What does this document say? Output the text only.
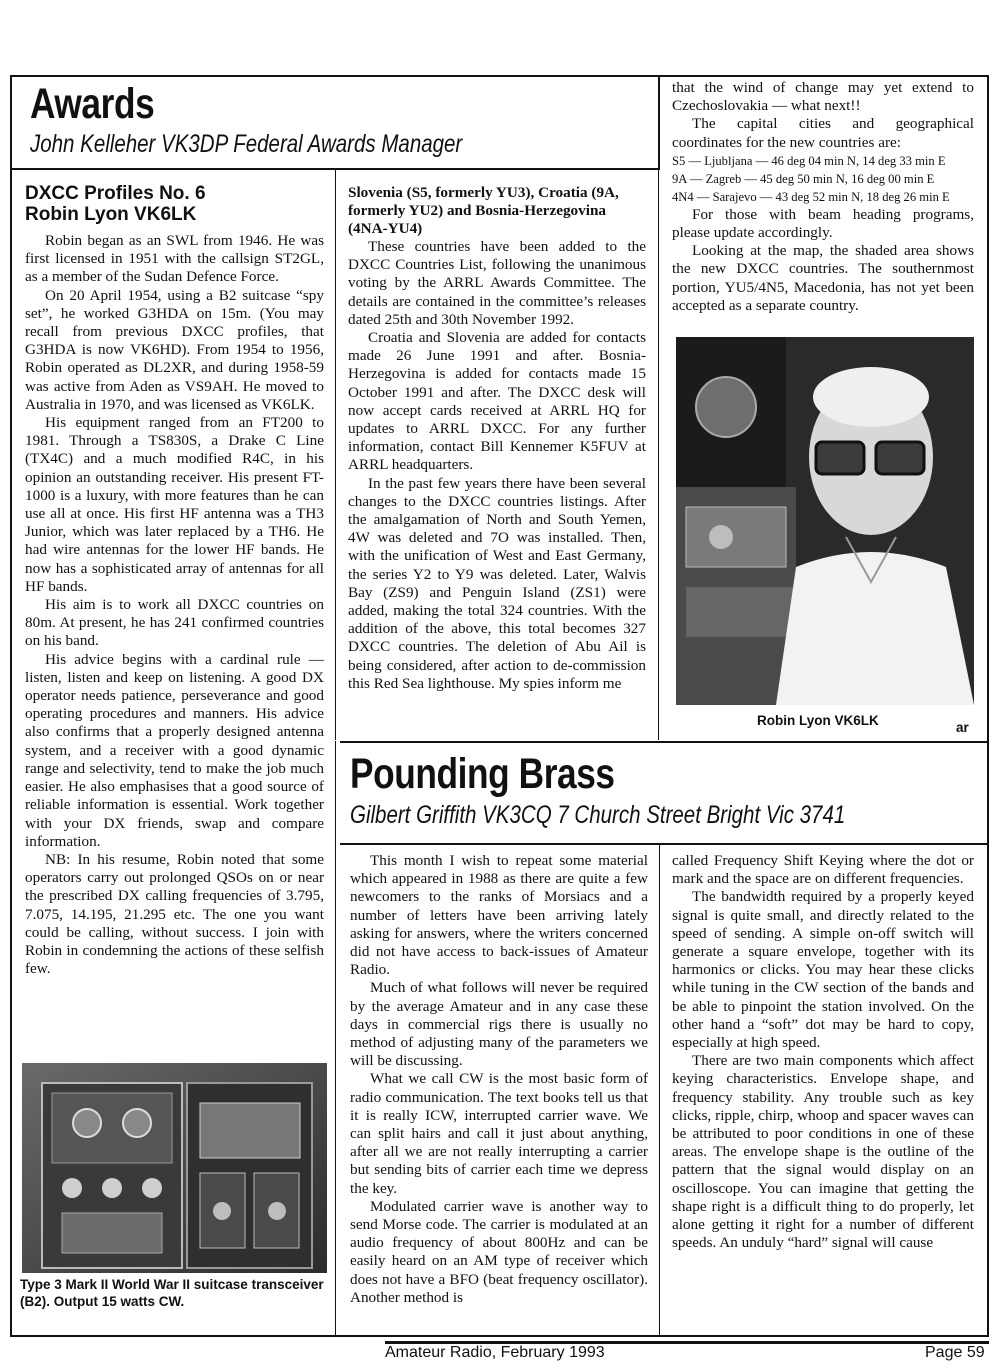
Awards
John Kelleher VK3DP Federal Awards Manager
DXCC Profiles No. 6
Robin Lyon VK6LK

Robin began as an SWL from 1946. He was first licensed in 1951 with the callsign ST2GL, as a member of the Sudan Defence Force.

On 20 April 1954, using a B2 suitcase “spy set”, he worked G3HDA on 15m. (You may recall from previous DXCC profiles, that G3HDA is now VK6HD). From 1954 to 1956, Robin operated as DL2XR, and during 1958-59 was active from Aden as VS9AH. He moved to Australia in 1970, and was licensed as VK6LK.

His equipment ranged from an FT200 to 1981. Through a TS830S, a Drake C Line (TX4C) and a much modified R4C, in his opinion an outstanding receiver. His present FT-1000 is a luxury, with more features than he can use all at once. His first HF antenna was a TH3 Junior, which was later replaced by a TH6. He had wire antennas for the lower HF bands. He now has a sophisticated array of antennas for all HF bands.

His aim is to work all DXCC countries on 80m. At present, he has 241 confirmed countries on his band.

His advice begins with a cardinal rule — listen, listen and keep on listening. A good DX operator needs patience, perseverance and good operating procedures and manners. His advice also confirms that a properly designed antenna system, and a receiver with a good dynamic range and selectivity, tend to make the job much easier. He also emphasises that a good source of reliable information is essential. Work together with your DX friends, swap and compare information.

NB: In his resume, Robin noted that some operators carry out prolonged QSOs on or near the prescribed DX calling frequencies of 3.795, 7.075, 14.195, 21.295 etc. The one you want could be calling, without success. I join with Robin in condemning the actions of these selfish few.

Type 3 Mark II World War II suitcase transceiver (B2). Output 15 watts CW.
Slovenia (S5, formerly YU3), Croatia (9A, formerly YU2) and Bosnia-Herzegovina (4NA-YU4)

These countries have been added to the DXCC Countries List, following the unanimous voting by the ARRL Awards Committee. The details are contained in the committee’s releases dated 25th and 30th November 1992.

Croatia and Slovenia are added for contacts made 26 June 1991 and after. Bosnia-Herzegovina is added for contacts made 15 October 1991 and after. The DXCC desk will now accept cards received at ARRL HQ for updates to ARRL DXCC. For any further information, contact Bill Kennemer K5FUV at ARRL headquarters.

In the past few years there have been several changes to the DXCC countries listings. After the amalgamation of North and South Yemen, 4W was deleted and 7O was installed. Then, with the unification of West and East Germany, the series Y2 to Y9 was deleted. Later, Walvis Bay (ZS9) and Penguin Island (ZS1) were added, making the total 324 countries. With the addition of the above, this total becomes 327 DXCC countries. The deletion of Abu Ail is being considered, after action to de-commission this Red Sea lighthouse. My spies inform me

that the wind of change may yet extend to Czechoslovakia — what next!!

The capital cities and geographical coordinates for the new countries are:

S5 — Ljubljana — 46 deg 04 min N, 14 deg 33 min E
9A — Zagreb — 45 deg 50 min N, 16 deg 00 min E
4N4 — Sarajevo — 43 deg 52 min N, 18 deg 26 min E

For those with beam heading programs, please update accordingly.

Looking at the map, the shaded area shows the new DXCC countries. The southernmost portion, YU5/4N5, Macedonia, has not yet been accepted as a separate country.

Robin Lyon VK6LK	ar
Pounding Brass
Gilbert Griffith VK3CQ 7 Church Street Bright Vic 3741

This month I wish to repeat some material which appeared in 1988 as there are quite a few newcomers to the ranks of Morsiacs and a number of letters have been arriving lately asking for answers, where the writers concerned did not have access to back-issues of Amateur Radio.

Much of what follows will never be required by the average Amateur and in any case these days in commercial rigs there is usually no method of adjusting many of the parameters we will be discussing.

What we call CW is the most basic form of radio communication. The text books tell us that it is really ICW, interrupted carrier wave. We can split hairs and call it just about anything, after all we are not really interrupting a carrier but sending bits of carrier each time we depress the key.

Modulated carrier wave is another way to send Morse code. The carrier is modulated at an audio frequency of about 800Hz and can be easily heard on an AM type of receiver which does not have a BFO (beat frequency oscillator). Another method is

called Frequency Shift Keying where the dot or mark and the space are on different frequencies.

The bandwidth required by a properly keyed signal is quite small, and directly related to the speed of sending. A simple on-off switch will generate a square envelope, together with its harmonics or clicks. You may hear these clicks while tuning in the CW section of the bands and be able to pinpoint the station involved. On the other hand a “soft” dot may be hard to copy, especially at high speed.

There are two main components which affect keying characteristics. Envelope shape, and frequency stability. Any trouble such as key clicks, ripple, chirp, whoop and spacer waves can be attributed to poor conditions in one of these areas. The envelope shape is the outline of the pattern that the signal would display on an oscilloscope. You can imagine that getting the shape right is a difficult thing to do properly, let alone getting it right for a number of different speeds. An unduly “hard” signal will cause

Amateur Radio, February 1993	Page 59
